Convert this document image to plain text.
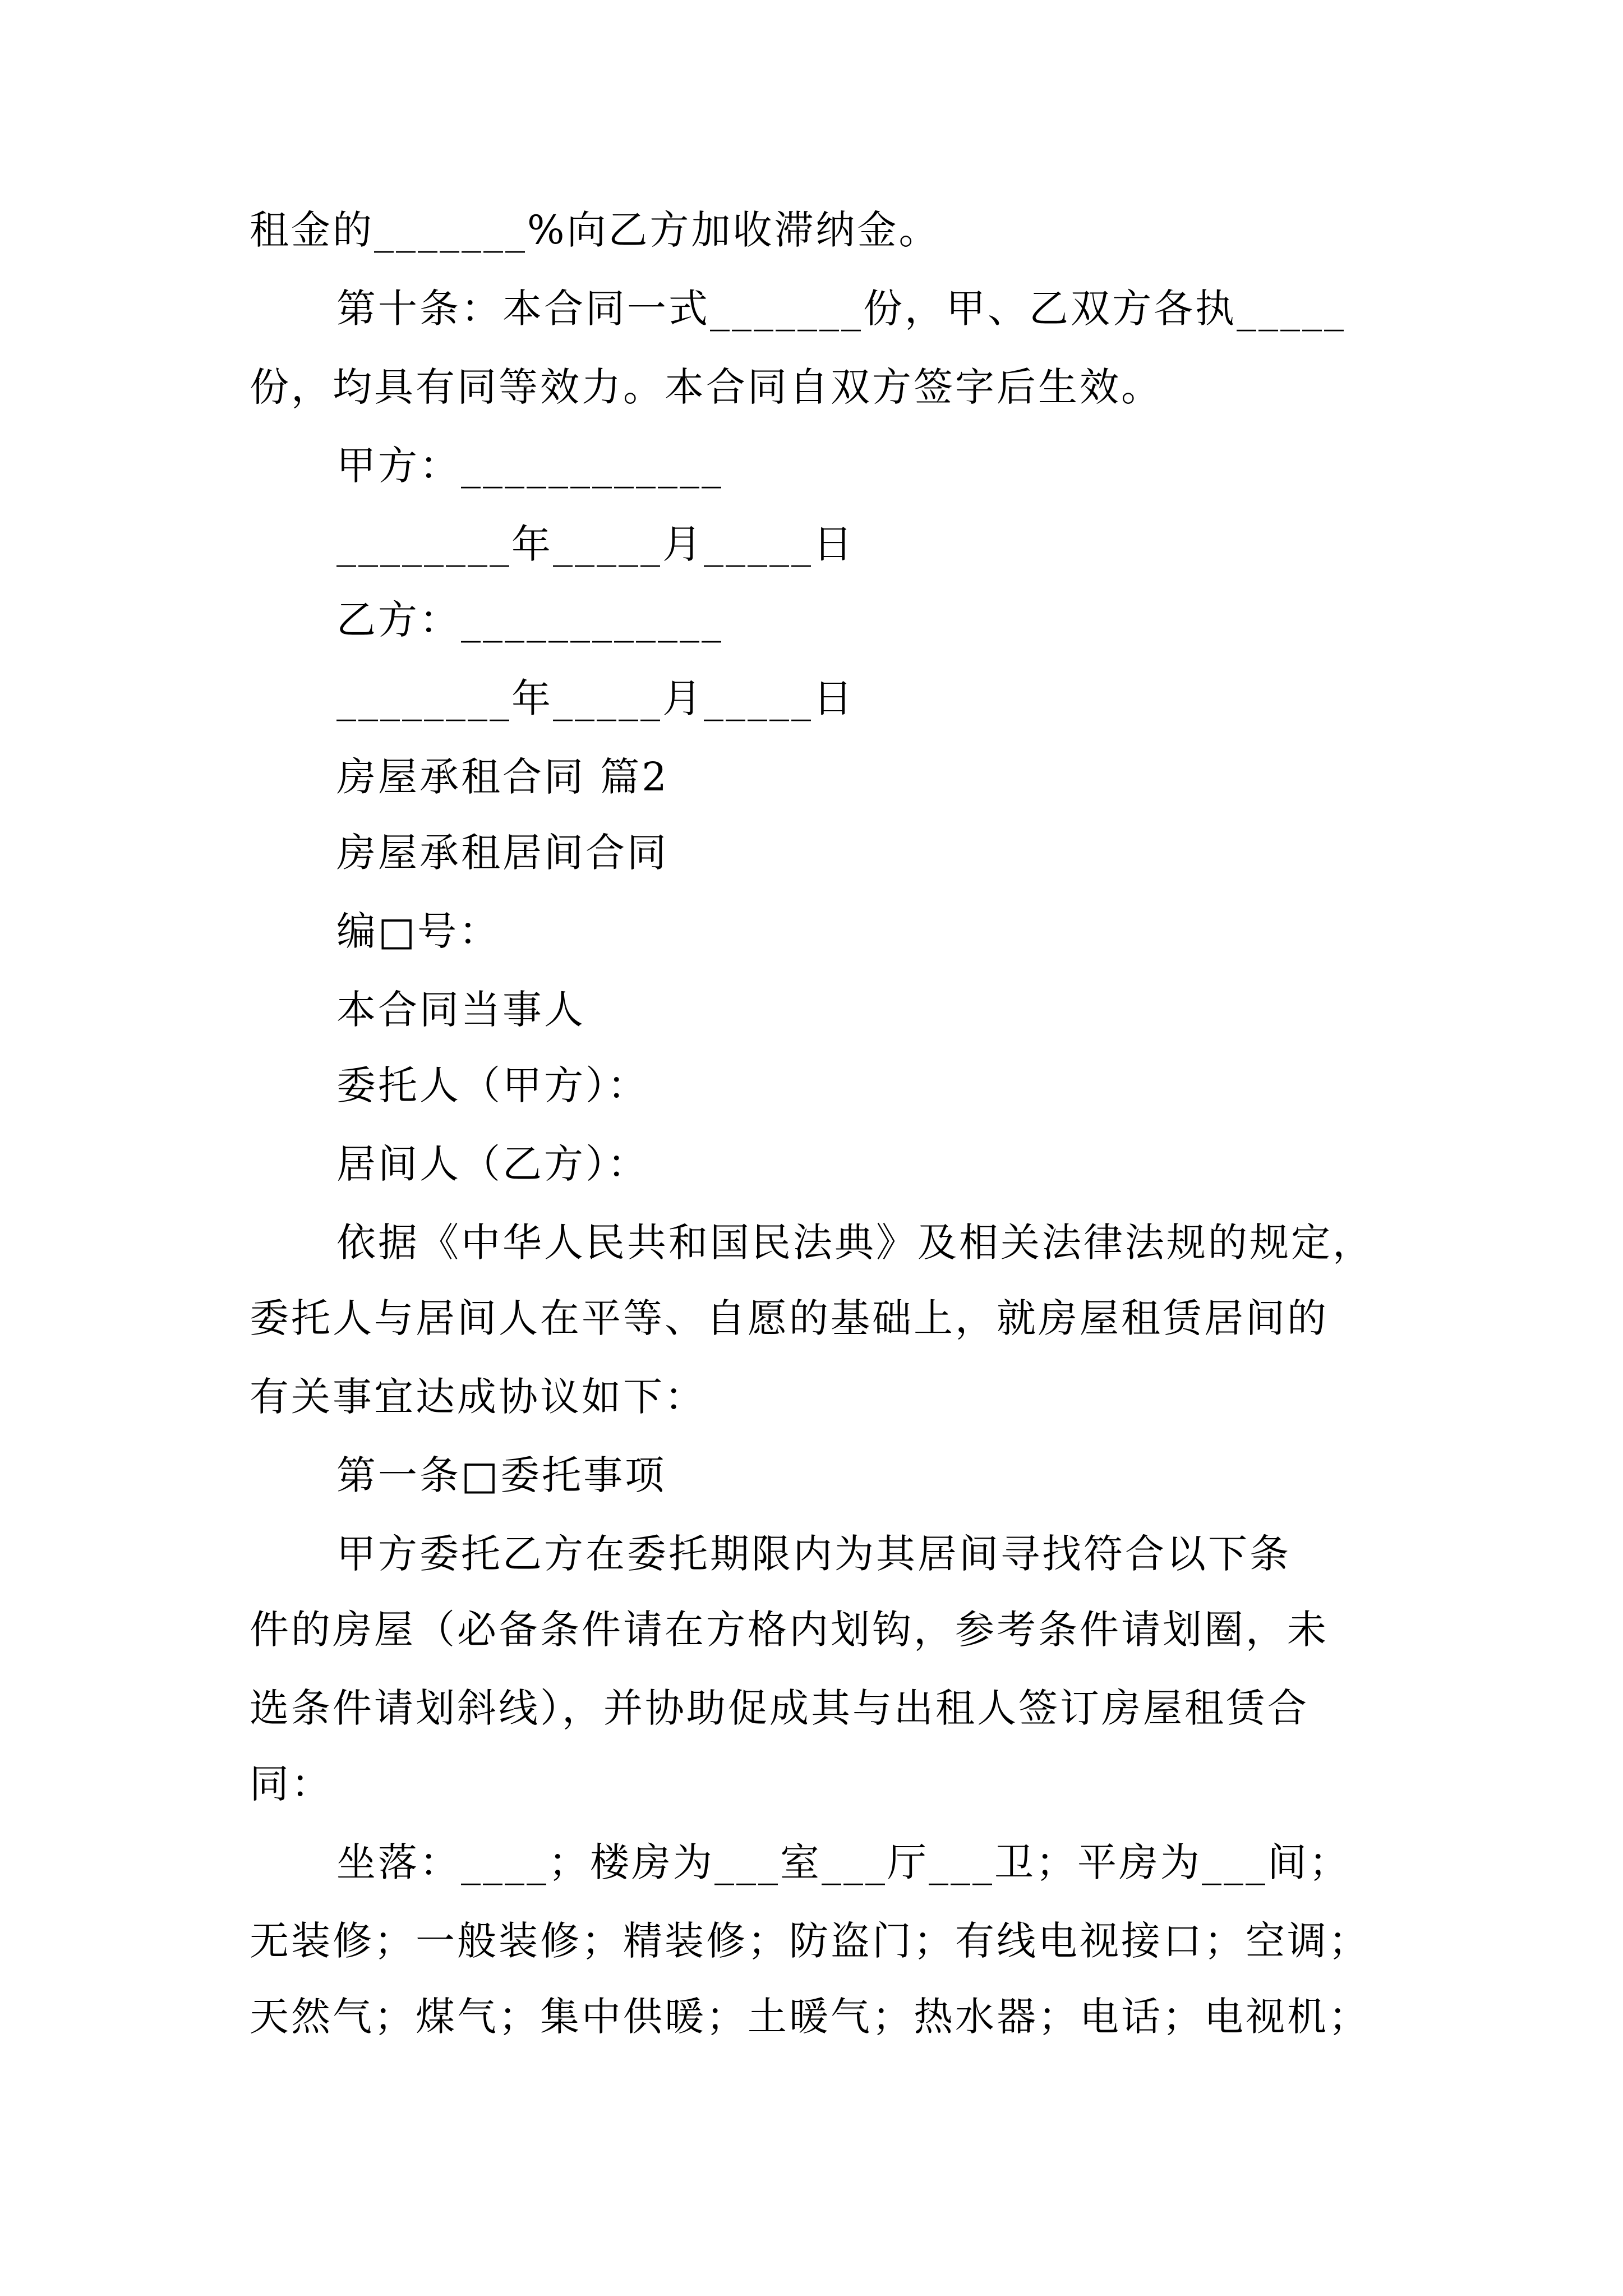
租金的_______%向乙方加收滞纳金。
第十条：本合同一式_______份，甲、乙双方各执_____
份，均具有同等效力。本合同自双方签字后生效。
甲方：____________
________年_____月_____日
乙方：____________
________年_____月_____日
房屋承租合同 篇2
房屋承租居间合同
编□号：
本合同当事人
委托人（甲方）：
居间人（乙方）：
依据《中华人民共和国民法典》及相关法律法规的规定，
委托人与居间人在平等、自愿的基础上，就房屋租赁居间的
有关事宜达成协议如下：
第一条□委托事项
甲方委托乙方在委托期限内为其居间寻找符合以下条
件的房屋（必备条件请在方格内划钩，参考条件请划圈，未
选条件请划斜线），并协助促成其与出租人签订房屋租赁合
同：
坐落：____；楼房为___室___厅___卫；平房为___间；
无装修；一般装修；精装修；防盗门；有线电视接口；空调；
天然气；煤气；集中供暖；土暖气；热水器；电话；电视机；
